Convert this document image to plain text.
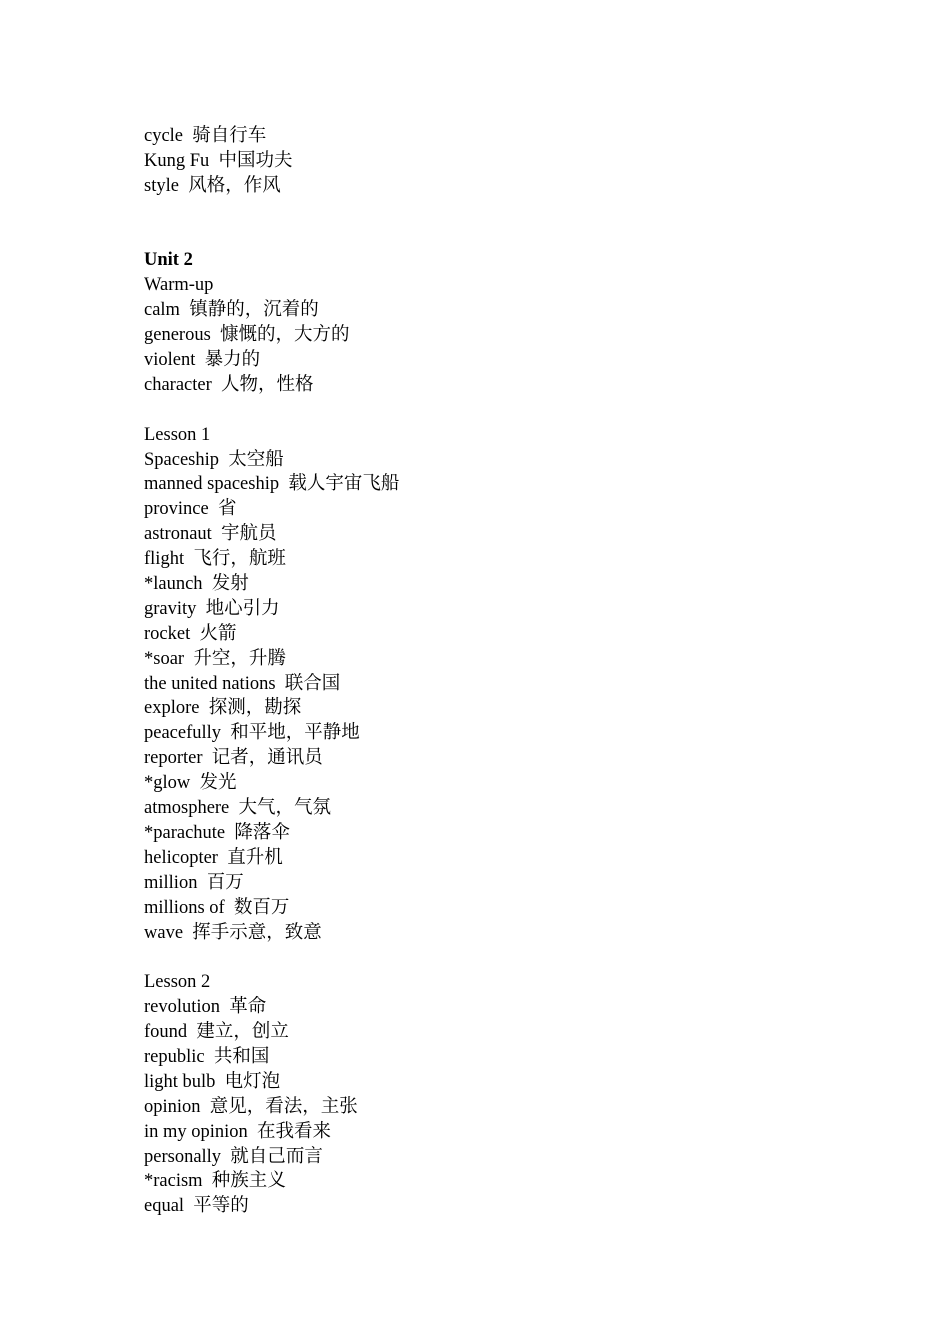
cycle  骑自行车
Kung Fu  中国功夫
style  风格，作风
Unit 2
Warm-up
calm  镇静的，沉着的
generous  慷慨的，大方的
violent  暴力的
character  人物，性格
Lesson 1
Spaceship  太空船
manned spaceship  载人宇宙飞船
province  省
astronaut  宇航员
flight  飞行，航班
*launch  发射
gravity  地心引力
rocket  火箭
*soar  升空，升腾
the united nations  联合国
explore  探测，勘探
peacefully  和平地，平静地
reporter  记者，通讯员
*glow  发光
atmosphere  大气，气氛
*parachute  降落伞
helicopter  直升机
million  百万
millions of  数百万
wave  挥手示意，致意
Lesson 2
revolution  革命
found  建立，创立
republic  共和国
light bulb  电灯泡
opinion  意见，看法，主张
in my opinion  在我看来
personally  就自己而言
*racism  种族主义
equal  平等的
